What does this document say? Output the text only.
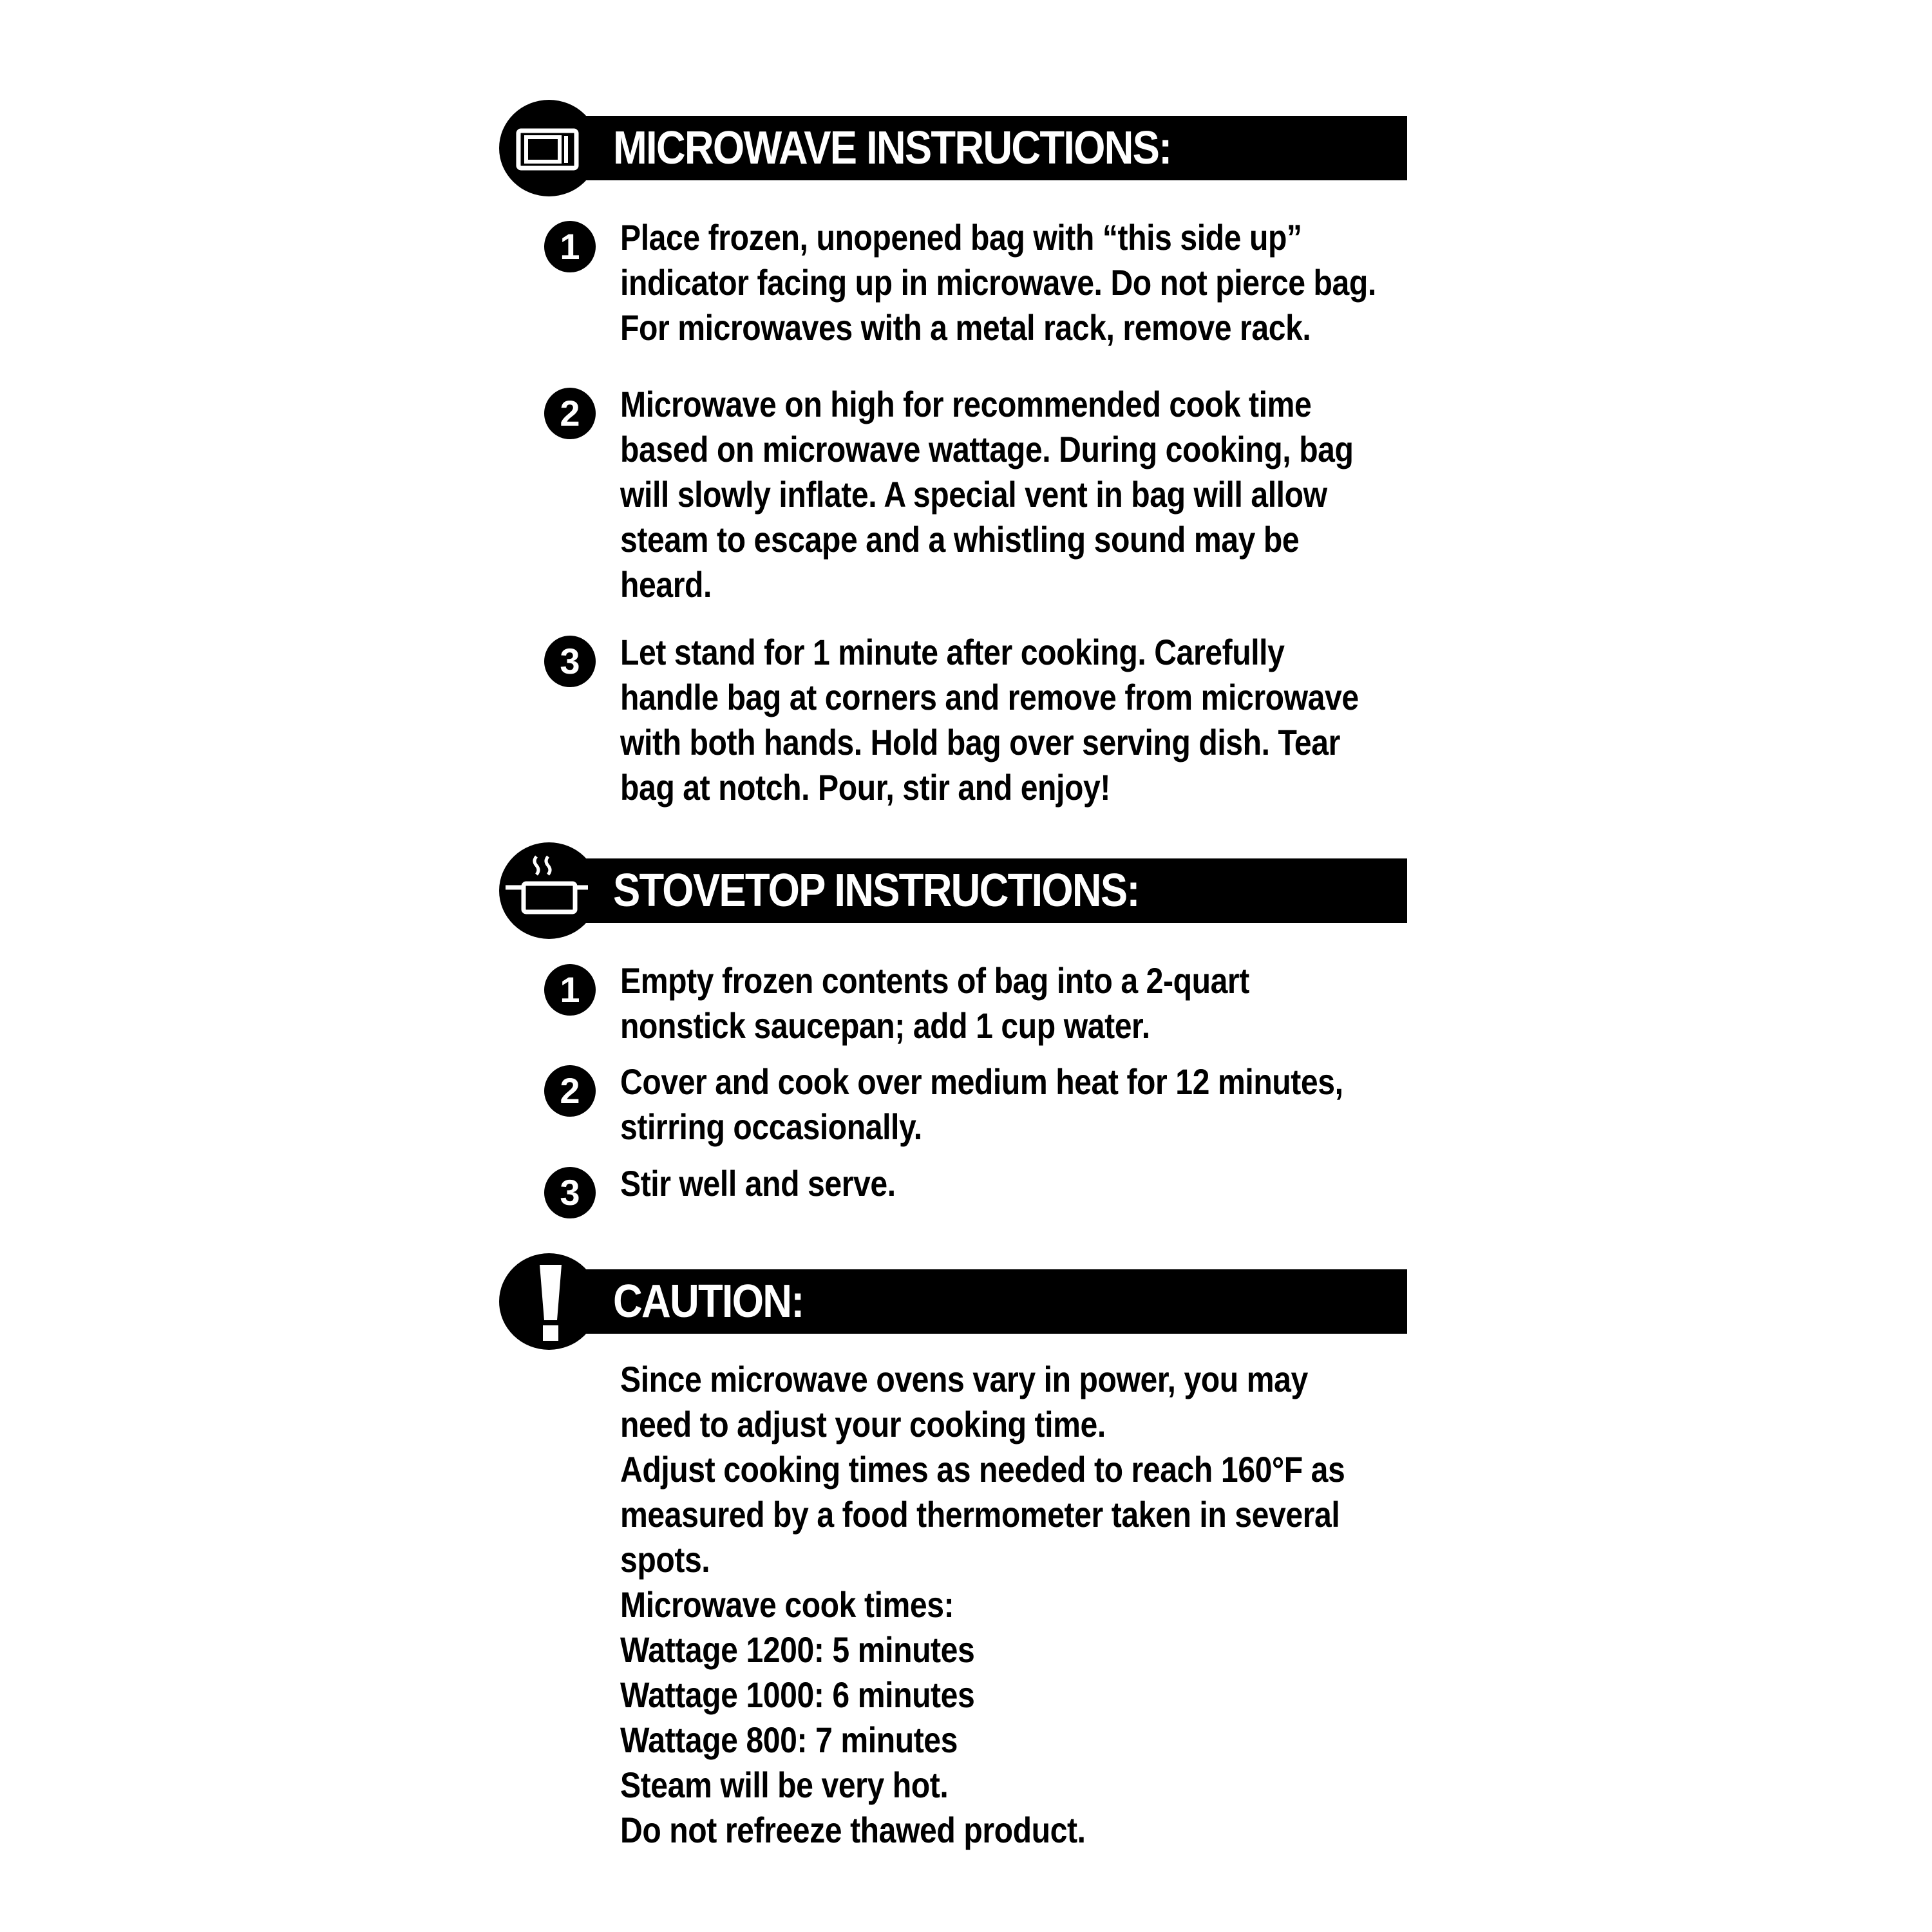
MICROWAVE INSTRUCTIONS:
1	Place frozen, unopened bag with “this side up”
indicator facing up in microwave. Do not pierce bag.
For microwaves with a metal rack, remove rack.
2	Microwave on high for recommended cook time
based on microwave wattage. During cooking, bag
will slowly inflate. A special vent in bag will allow
steam to escape and a whistling sound may be
heard.
3	Let stand for 1 minute after cooking. Carefully
handle bag at corners and remove from microwave
with both hands. Hold bag over serving dish. Tear
bag at notch. Pour, stir and enjoy!
STOVETOP INSTRUCTIONS:
1	Empty frozen contents of bag into a 2-quart
nonstick saucepan; add 1 cup water.
2	Cover and cook over medium heat for 12 minutes,
stirring occasionally.
3	Stir well and serve.
CAUTION:
Since microwave ovens vary in power, you may
need to adjust your cooking time.
Adjust cooking times as needed to reach 160°F as
measured by a food thermometer taken in several
spots.
Microwave cook times:
Wattage 1200: 5 minutes
Wattage 1000: 6 minutes
Wattage 800: 7 minutes
Steam will be very hot.
Do not refreeze thawed product.
